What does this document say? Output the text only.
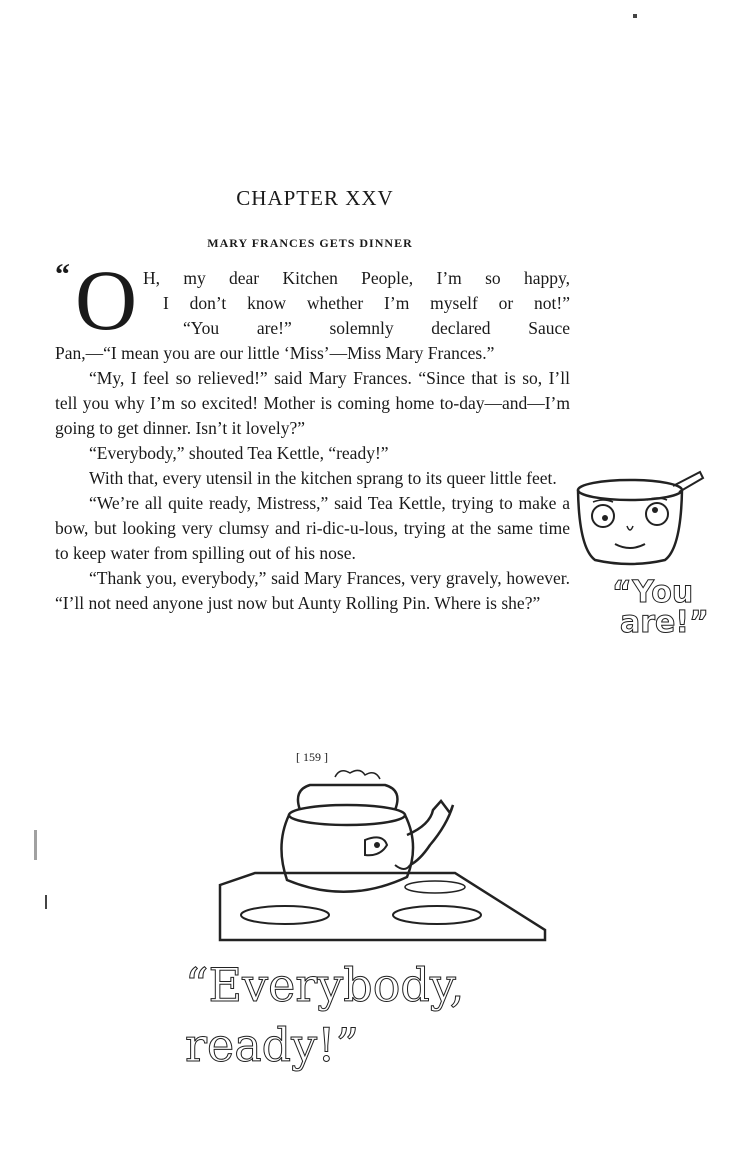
CHAPTER XXV
MARY FRANCES GETS DINNER
“ O H, my dear Kitchen People, I’m so happy,
I don’t know whether I’m myself or not!”
“You are!” solemnly declared Sauce

Pan,—“I mean you are our little ‘Miss’—Miss Mary Frances.”

“My, I feel so relieved!” said Mary Frances. “Since that is so, I’ll tell you why I’m so excited! Mother is coming home to-day—and—I’m going to get dinner. Isn’t it lovely?”

“Everybody,” shouted Tea Kettle, “ready!”

With that, every utensil in the kitchen sprang to its queer little feet.

“We’re all quite ready, Mistress,” said Tea Kettle, trying to make a bow, but looking very clumsy and ri-dic-u-lous, trying at the same time to keep water from spilling out of his nose.

“Thank you, everybody,” said Mary Frances, very gravely, however. “I’ll not need anyone just now but Aunty Rolling Pin. Where is she?”	“You
are!”
[ 159 ]
“Everybody, ready!”
